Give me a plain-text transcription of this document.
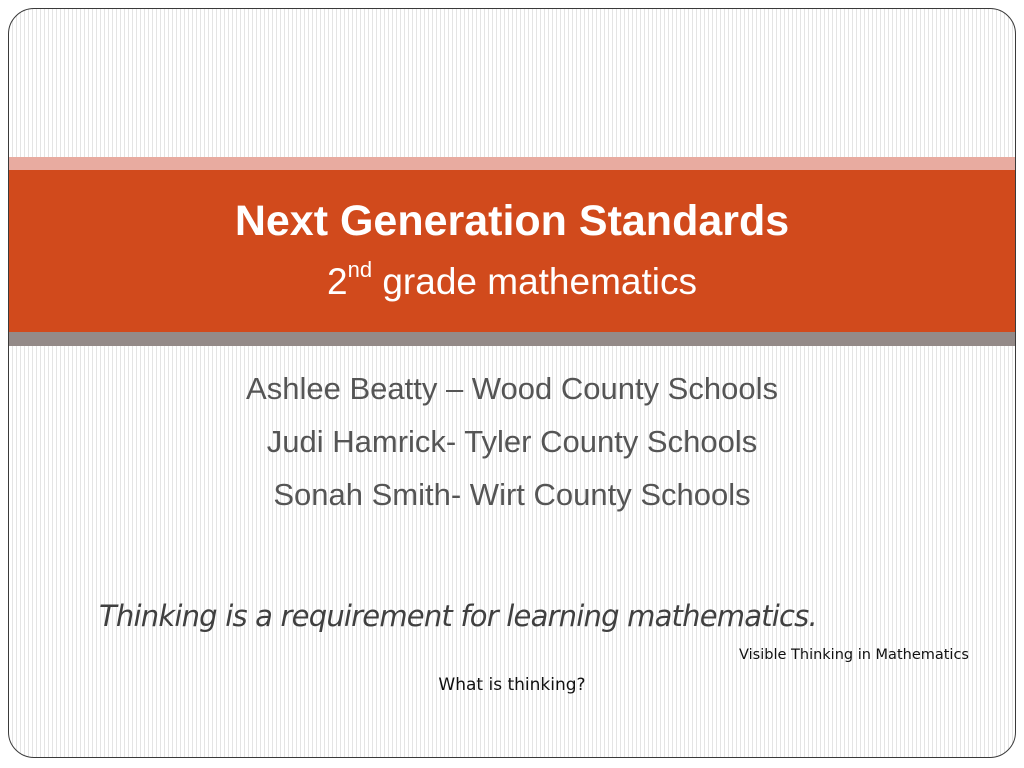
Next Generation Standards
2nd grade mathematics
Ashlee Beatty – Wood County Schools
Judi Hamrick- Tyler County Schools
Sonah Smith- Wirt County Schools
Thinking is a requirement for learning mathematics.
Visible Thinking in Mathematics
What is thinking?
